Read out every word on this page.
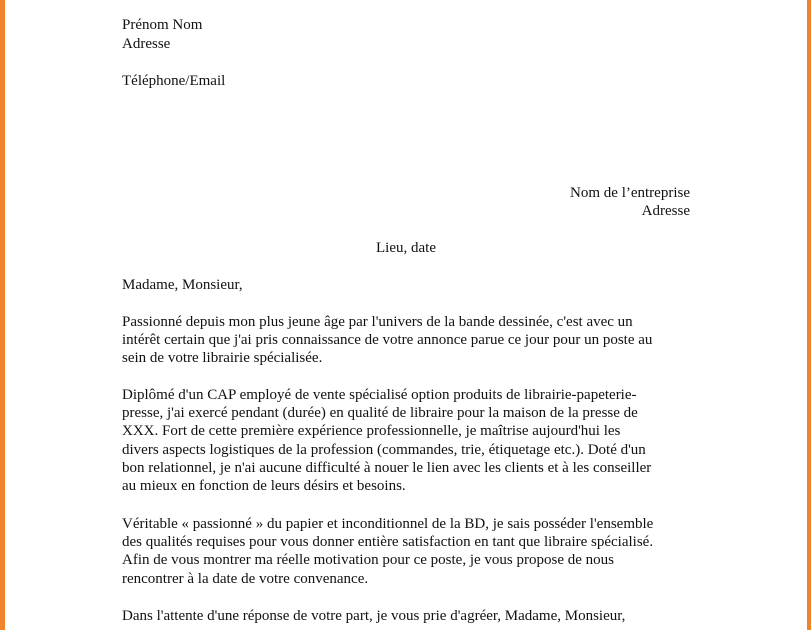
Prénom Nom

Adresse

Téléphone/Email

Nom de l’entreprise

Adresse

Lieu, date

Madame, Monsieur,

Passionné depuis mon plus jeune âge par l'univers de la bande dessinée, c'est avec un
intérêt certain que j'ai pris connaissance de votre annonce parue ce jour pour un poste au
sein de votre librairie spécialisée.
Diplômé d'un CAP employé de vente spécialisé option produits de librairie-papeterie-
presse, j'ai exercé pendant (durée) en qualité de libraire pour la maison de la presse de
XXX. Fort de cette première expérience professionnelle, je maîtrise aujourd'hui les
divers aspects logistiques de la profession (commandes, trie, étiquetage etc.). Doté d'un
bon relationnel, je n'ai aucune difficulté à nouer le lien avec les clients et à les conseiller
au mieux en fonction de leurs désirs et besoins.
Véritable « passionné » du papier et inconditionnel de la BD, je sais posséder l'ensemble
des qualités requises pour vous donner entière satisfaction en tant que libraire spécialisé.
Afin de vous montrer ma réelle motivation pour ce poste, je vous propose de nous
rencontrer à la date de votre convenance.
Dans l'attente d'une réponse de votre part, je vous prie d'agréer, Madame, Monsieur,
